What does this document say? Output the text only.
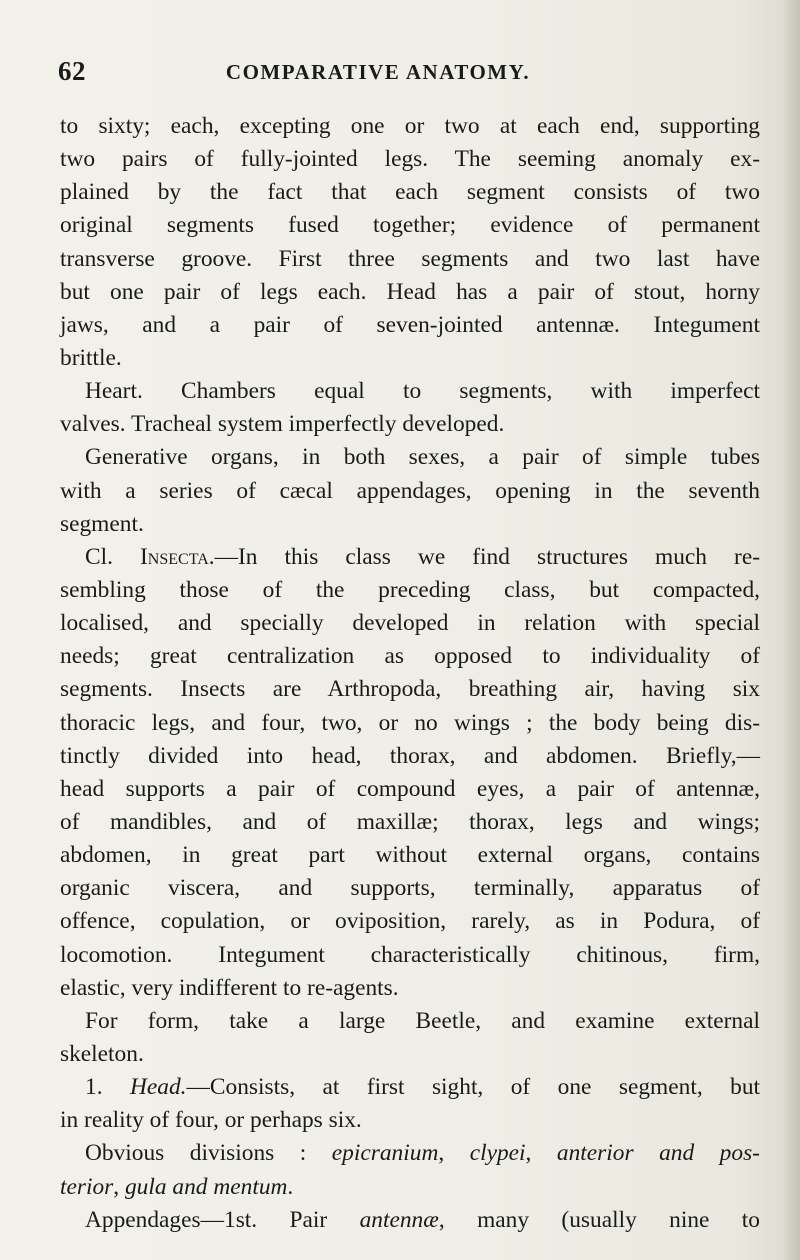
62	COMPARATIVE ANATOMY.
to sixty; each, excepting one or two at each end, supporting
two pairs of fully-jointed legs. The seeming anomaly ex-
plained by the fact that each segment consists of two
original segments fused together; evidence of permanent
transverse groove. First three segments and two last have
but one pair of legs each. Head has a pair of stout, horny
jaws, and a pair of seven-jointed antennæ. Integument
brittle.
Heart. Chambers equal to segments, with imperfect
valves. Tracheal system imperfectly developed.
Generative organs, in both sexes, a pair of simple tubes
with a series of cæcal appendages, opening in the seventh
segment.
Cl. Insecta.—In this class we find structures much re-
sembling those of the preceding class, but compacted,
localised, and specially developed in relation with special
needs; great centralization as opposed to individuality of
segments. Insects are Arthropoda, breathing air, having six
thoracic legs, and four, two, or no wings ; the body being dis-
tinctly divided into head, thorax, and abdomen. Briefly,—
head supports a pair of compound eyes, a pair of antennæ,
of mandibles, and of maxillæ; thorax, legs and wings;
abdomen, in great part without external organs, contains
organic viscera, and supports, terminally, apparatus of
offence, copulation, or oviposition, rarely, as in Podura, of
locomotion. Integument characteristically chitinous, firm,
elastic, very indifferent to re-agents.
For form, take a large Beetle, and examine external
skeleton.
1. Head.—Consists, at first sight, of one segment, but
in reality of four, or perhaps six.
Obvious divisions : epicranium, clypei, anterior and pos-
terior, gula and mentum.
Appendages—1st. Pair antennæ, many (usually nine to
